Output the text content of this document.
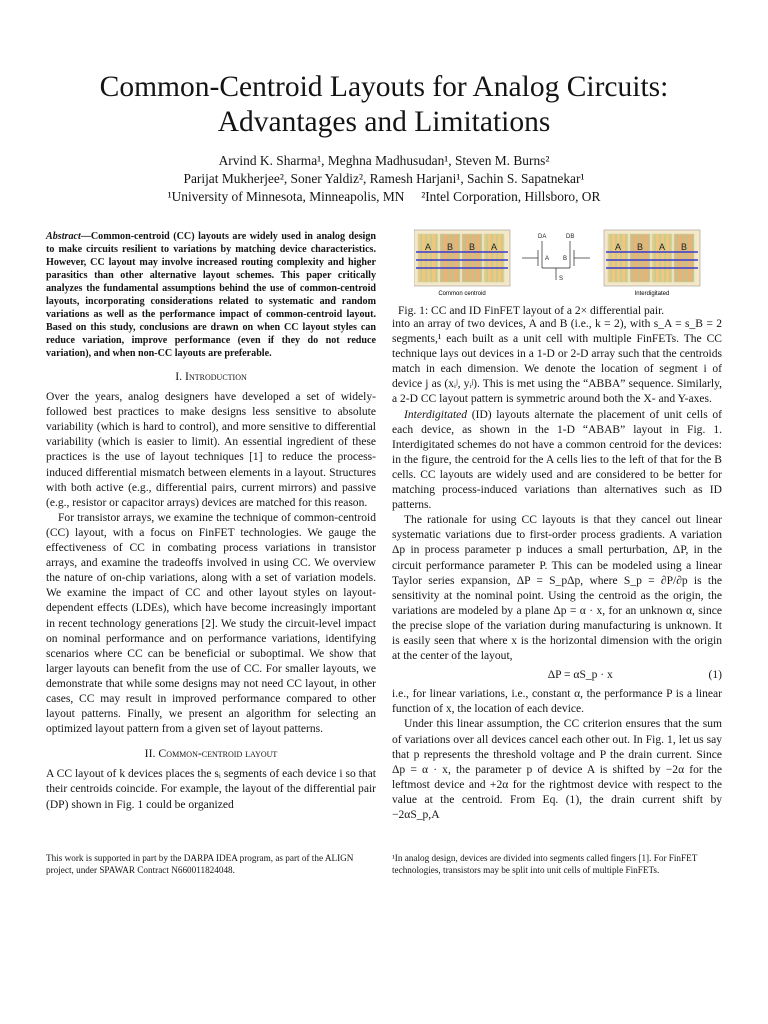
Common-Centroid Layouts for Analog Circuits: Advantages and Limitations
Arvind K. Sharma¹, Meghna Madhusudan¹, Steven M. Burns²
Parijat Mukherjee², Soner Yaldiz², Ramesh Harjani¹, Sachin S. Sapatnekar¹
¹University of Minnesota, Minneapolis, MN     ²Intel Corporation, Hillsboro, OR
Abstract—Common-centroid (CC) layouts are widely used in analog design to make circuits resilient to variations by matching device characteristics. However, CC layout may involve increased routing complexity and higher parasitics than other alternative layout schemes. This paper critically analyzes the fundamental assumptions behind the use of common-centroid layouts, incorporating considerations related to systematic and random variations as well as the performance impact of common-centroid layout. Based on this study, conclusions are drawn on when CC layout styles can reduce variation, improve performance (even if they do not reduce variation), and when non-CC layouts are preferable.
I. Introduction

Over the years, analog designers have developed a set of widely-followed best practices to make designs less sensitive to absolute variability (which is hard to control), and more sensitive to differential variability (which is easier to limit). An essential ingredient of these practices is the use of layout techniques [1] to reduce the process-induced differential mismatch between elements in a layout. Structures with both active (e.g., differential pairs, current mirrors) and passive (e.g., resistor or capacitor arrays) devices are matched for this reason.

For transistor arrays, we examine the technique of common-centroid (CC) layout, with a focus on FinFET technologies. We gauge the effectiveness of CC in combating process variations in transistor arrays, and examine the tradeoffs involved in using CC. We overview the nature of on-chip variations, along with a set of variation models. We examine the impact of CC and other layout styles on layout-dependent effects (LDEs), which have become increasingly important in recent technology generations [2]. We study the circuit-level impact on nominal performance and on performance variations, identifying scenarios where CC can be beneficial or suboptimal. We show that larger layouts can benefit from the use of CC. For smaller layouts, we demonstrate that while some designs may not need CC layout, in other cases, CC may result in improved performance compared to other layout patterns. Finally, we present an algorithm for selecting an optimized layout pattern from a given set of layout patterns.

II. Common-centroid layout

A CC layout of k devices places the sᵢ segments of each device i so that their centroids coincide. For example, the layout of the differential pair (DP) shown in Fig. 1 could be organized

This work is supported in part by the DARPA IDEA program, as part of the ALIGN project, under SPAWAR Contract N660011824048.
A B B A
Common centroid
DA	DB
A B
S
A B A B
Interdigitated
Fig. 1: CC and ID FinFET layout of a 2× differential pair.

into an array of two devices, A and B (i.e., k = 2), with s_A = s_B = 2 segments,¹ each built as a unit cell with multiple FinFETs. The CC technique lays out devices in a 1-D or 2-D array such that the centroids match in each dimension. We denote the location of segment i of device j as (xᵢʲ, yᵢʲ). This is met using the “ABBA” sequence. Similarly, a 2-D CC layout pattern is symmetric around both the X- and Y-axes.

Interdigitated (ID) layouts alternate the placement of unit cells of each device, as shown in the 1-D “ABAB” layout in Fig. 1. Interdigitated schemes do not have a common centroid for the devices: in the figure, the centroid for the A cells lies to the left of that for the B cells. CC layouts are widely used and are considered to be better for matching process-induced variations than alternatives such as ID patterns.

The rationale for using CC layouts is that they cancel out linear systematic variations due to first-order process gradients. A variation Δp in process parameter p induces a small perturbation, ΔP, in the circuit performance parameter P. This can be modeled using a linear Taylor series expansion, ΔP = S_pΔp, where S_p = ∂P/∂p is the sensitivity at the nominal point. Using the centroid as the origin, the variations are modeled by a plane Δp = α · x, for an unknown α, since the precise slope of the variation during manufacturing is unknown. It is easily seen that where x is the horizontal dimension with the origin at the center of the layout,

ΔP = αS_p · x	(1)

i.e., for linear variations, i.e., constant α, the performance P is a linear function of x, the location of each device.

Under this linear assumption, the CC criterion ensures that the sum of variations over all devices cancel each other out. In Fig. 1, let us say that p represents the threshold voltage and P the drain current. Since Δp = α · x, the parameter p of device A is shifted by −2α for the leftmost device and +2α for the rightmost device with respect to the value at the centroid. From Eq. (1), the drain current shift by −2αS_p,A

¹In analog design, devices are divided into segments called fingers [1]. For FinFET technologies, transistors may be split into unit cells of multiple FinFETs.
